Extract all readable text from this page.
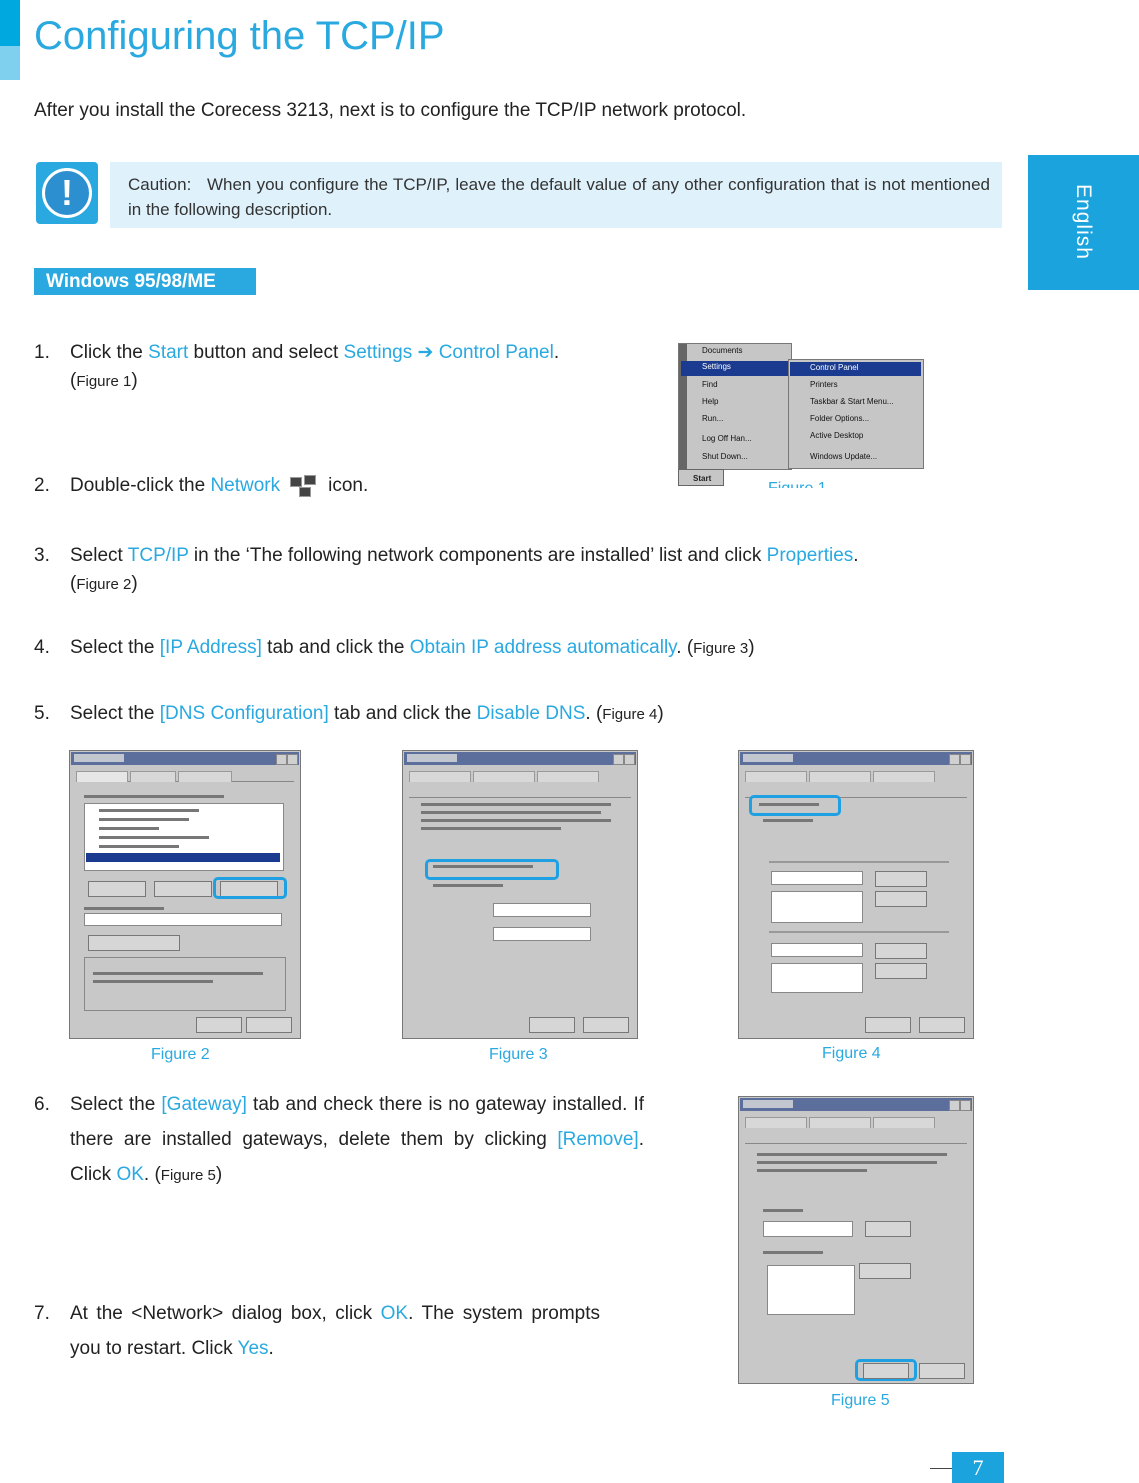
Configuring the TCP/IP
After you install the Corecess 3213, next is to configure the TCP/IP network protocol.
English
!	Caution: When you configure the TCP/IP, leave the default value of any other configuration that is not mentioned in the following description.
Windows 95/98/ME
1. Click the Start button and select Settings ➔ Control Panel.
(Figure 1)
2. Double-click the Network	icon.
Documents
Settings
Find
Help
Run...
Log Off Han...
Shut Down...
Control Panel
Printers
Taskbar & Start Menu...
Folder Options...
Active Desktop
Windows Update...
Start
3. Select TCP/IP in the ‘The following network components are installed’ list and click Properties.
(Figure 2)
4. Select the [IP Address] tab and click the Obtain IP address automatically. (Figure 3)
5. Select the [DNS Configuration] tab and click the Disable DNS. (Figure 4)
Figure 2	Figure 3	Figure 4
6. Select the [Gateway] tab and check there is no gateway installed. If there are installed gateways, delete them by clicking [Remove]. Click OK. (Figure 5)
7. At the <Network> dialog box, click OK. The system prompts you to restart. Click Yes.
Figure 5
7
